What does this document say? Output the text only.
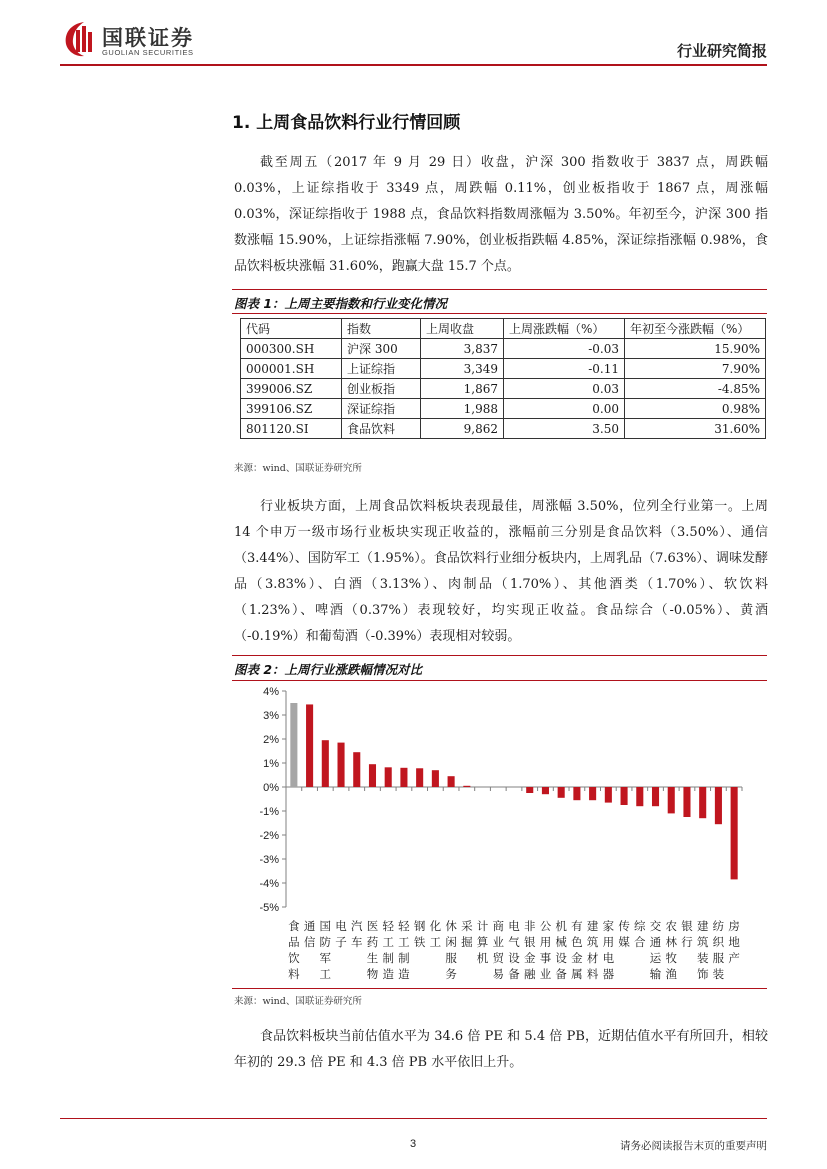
国联证券
GUOLIAN SECURITIES	行业研究简报
1. 上周食品饮料行业行情回顾
截至周五（2017 年 9 月 29 日）收盘，沪深 300 指数收于 3837 点，周跌幅 0.03%，上证综指收于 3349 点，周跌幅 0.11%，创业板指收于 1867 点，周涨幅 0.03%，深证综指收于 1988 点，食品饮料指数周涨幅为 3.50%。年初至今，沪深 300 指数涨幅 15.90%，上证综指涨幅 7.90%，创业板指跌幅 4.85%，深证综指涨幅 0.98%，食品饮料板块涨幅 31.60%，跑赢大盘 15.7 个点。
图表 1：上周主要指数和行业变化情况
代码	指数	上周收盘	上周涨跌幅（%）	年初至今涨跌幅（%）
000300.SH	沪深 300	3,837	-0.03	15.90%
000001.SH	上证综指	3,349	-0.11	7.90%
399006.SZ	创业板指	1,867	0.03	-4.85%
399106.SZ	深证综指	1,988	0.00	0.98%
801120.SI	食品饮料	9,862	3.50	31.60%
来源：wind、国联证券研究所
行业板块方面，上周食品饮料板块表现最佳，周涨幅 3.50%，位列全行业第一。上周 14 个申万一级市场行业板块实现正收益的，涨幅前三分别是食品饮料（3.50%）、通信（3.44%）、国防军工（1.95%）。食品饮料行业细分板块内，上周乳品（7.63%）、调味发酵品（3.83%）、白酒（3.13%）、肉制品（1.70%）、其他酒类（1.70%）、软饮料（1.23%）、啤酒（0.37%）表现较好，均实现正收益。食品综合（-0.05%）、黄酒（-0.19%）和葡萄酒（-0.39%）表现相对较弱。
图表 2：上周行业涨跌幅情况对比
4%
3%
2%
1%
0%
-1%
-2%
-3%
-4%
-5%
食品饮料
通信
国防军工
电子
汽车
医药生物
轻工制造
轻工制造
钢铁
化工
休闲服务
采掘
计算机
商业贸易
电气设备
非银金融
公用事业
机械设备
有色金属
建筑材料
家用电器
传媒
综合
交通运输
农林牧渔
银行
建筑装饰
纺织服装
房地产
来源：wind、国联证券研究所
食品饮料板块当前估值水平为 34.6 倍 PE 和 5.4 倍 PB，近期估值水平有所回升，相较年初的 29.3 倍 PE 和 4.3 倍 PB 水平依旧上升。
3	请务必阅读报告末页的重要声明
